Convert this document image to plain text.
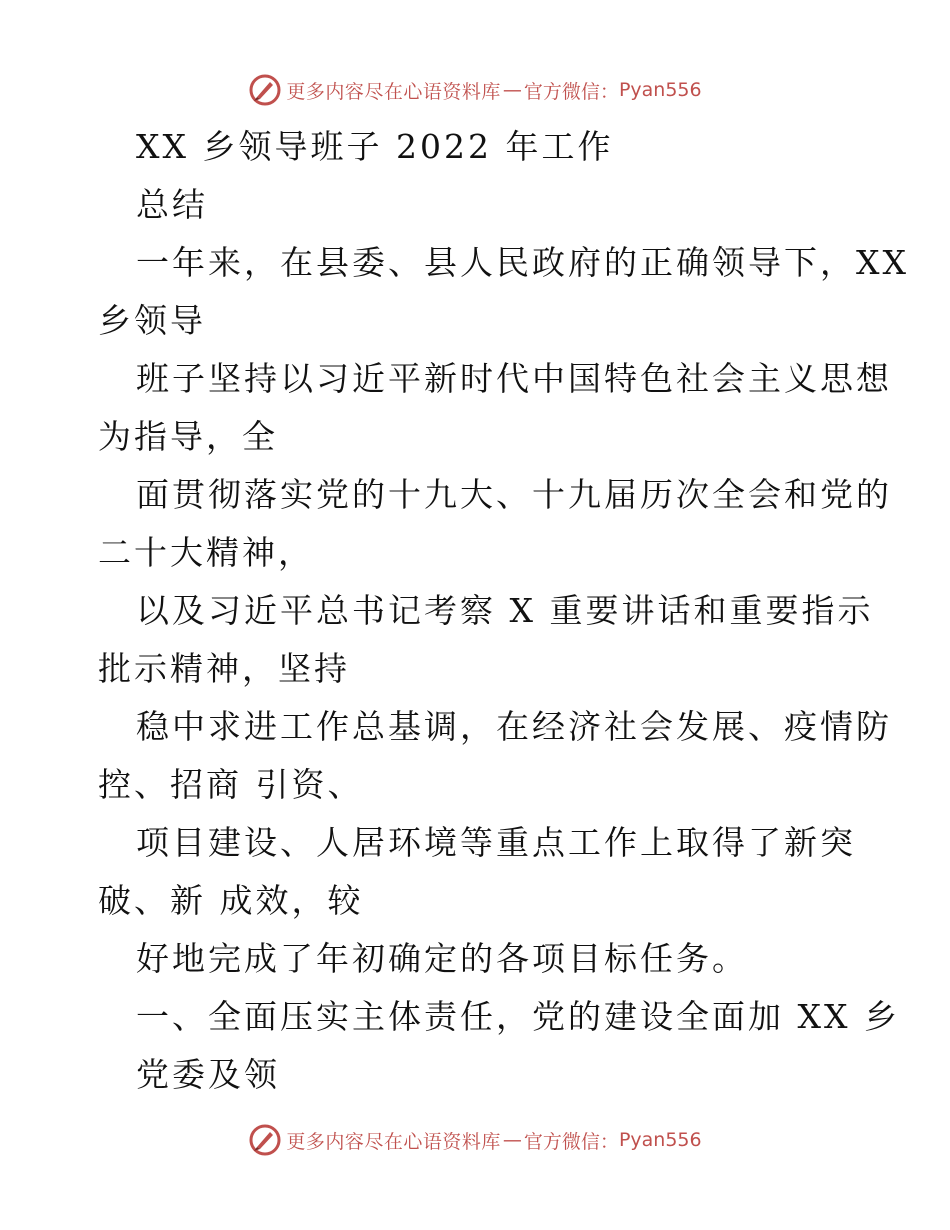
更多内容尽在心语资料库 — 官方微信： Pyan556
XX 乡领导班子 2022 年工作
总结
一年来，在县委、县人民政府的正确领导下，XX
乡领导
班子坚持以习近平新时代中国特色社会主义思想
为指导，全
面贯彻落实党的十九大、十九届历次全会和党的
二十大精神，
以及习近平总书记考察 X 重要讲话和重要指示
批示精神，坚持
稳中求进工作总基调，在经济社会发展、疫情防
控、招商 引资、
项目建设、人居环境等重点工作上取得了新突
破、新 成效，较
好地完成了年初确定的各项目标任务。
一、全面压实主体责任，党的建设全面加 XX 乡
党委及领
更多内容尽在心语资料库 — 官方微信： Pyan556
